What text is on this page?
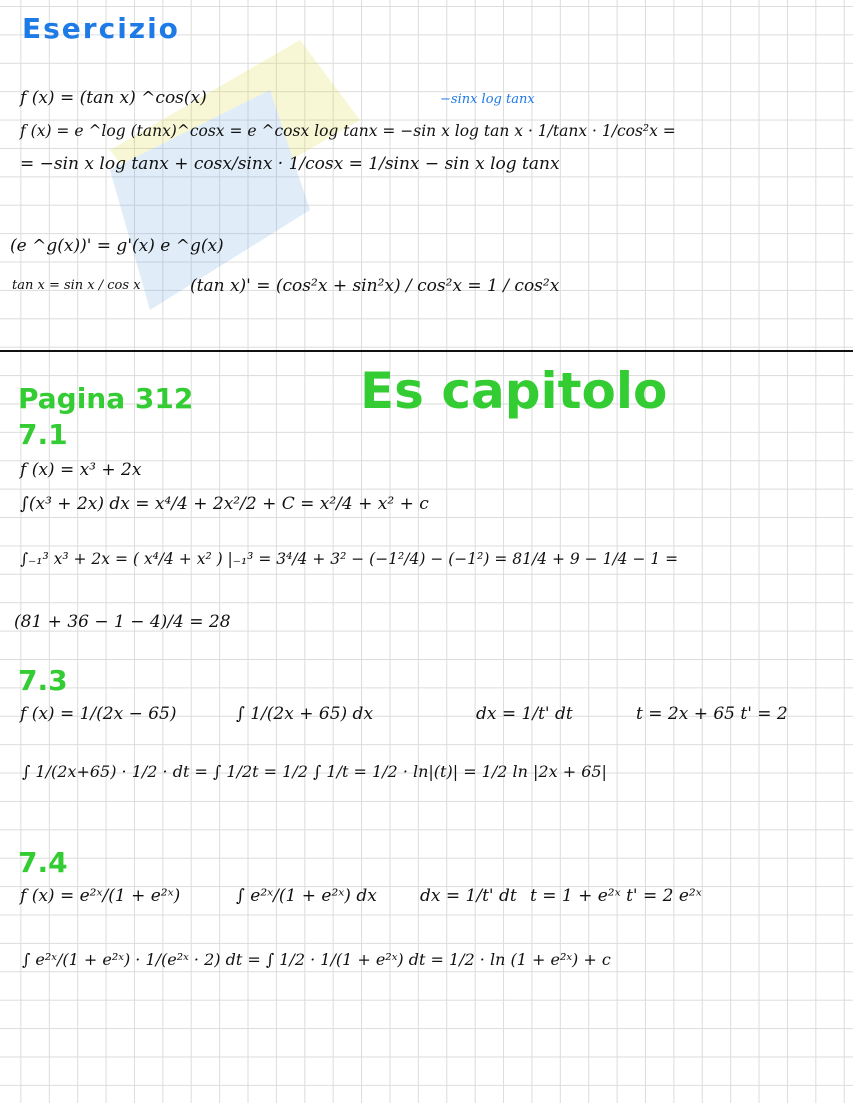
Esercizio
−sinx log tanx
f (x) = (tan x) ^cos(x)
f (x) = e ^log (tanx)^cosx = e ^cosx log tanx = −sin x log tan x · 1/tanx · 1/cos²x =
= −sin x log tanx + cosx/sinx · 1/cosx = 1/sinx − sin x log tanx
(e ^g(x))' = g'(x) e ^g(x)
tan x = sin x / cos x	(tan x)' = (cos²x + sin²x) / cos²x = 1 / cos²x
Pagina 312	Es capitolo
7.1
f (x) = x³ + 2x
∫(x³ + 2x) dx = x⁴/4 + 2x²/2 + C = x²/4 + x² + c
∫₋₁³ x³ + 2x = ( x⁴/4 + x² ) |₋₁³ = 3⁴/4 + 3² − (−1²/4) − (−1²) = 81/4 + 9 − 1/4 − 1 =
(81 + 36 − 1 − 4)/4 = 28
7.3
f (x) = 1/(2x − 65)	∫ 1/(2x + 65) dx	dx = 1/t' dt	t = 2x + 65 t' = 2
∫ 1/(2x+65) · 1/2 · dt = ∫ 1/2t = 1/2 ∫ 1/t = 1/2 · ln|(t)| = 1/2 ln |2x + 65|
7.4
f (x) = e²ˣ/(1 + e²ˣ)	∫ e²ˣ/(1 + e²ˣ) dx	dx = 1/t' dt t = 1 + e²ˣ t' = 2 e²ˣ
∫ e²ˣ/(1 + e²ˣ) · 1/(e²ˣ · 2) dt = ∫ 1/2 · 1/(1 + e²ˣ) dt = 1/2 · ln (1 + e²ˣ) + c
